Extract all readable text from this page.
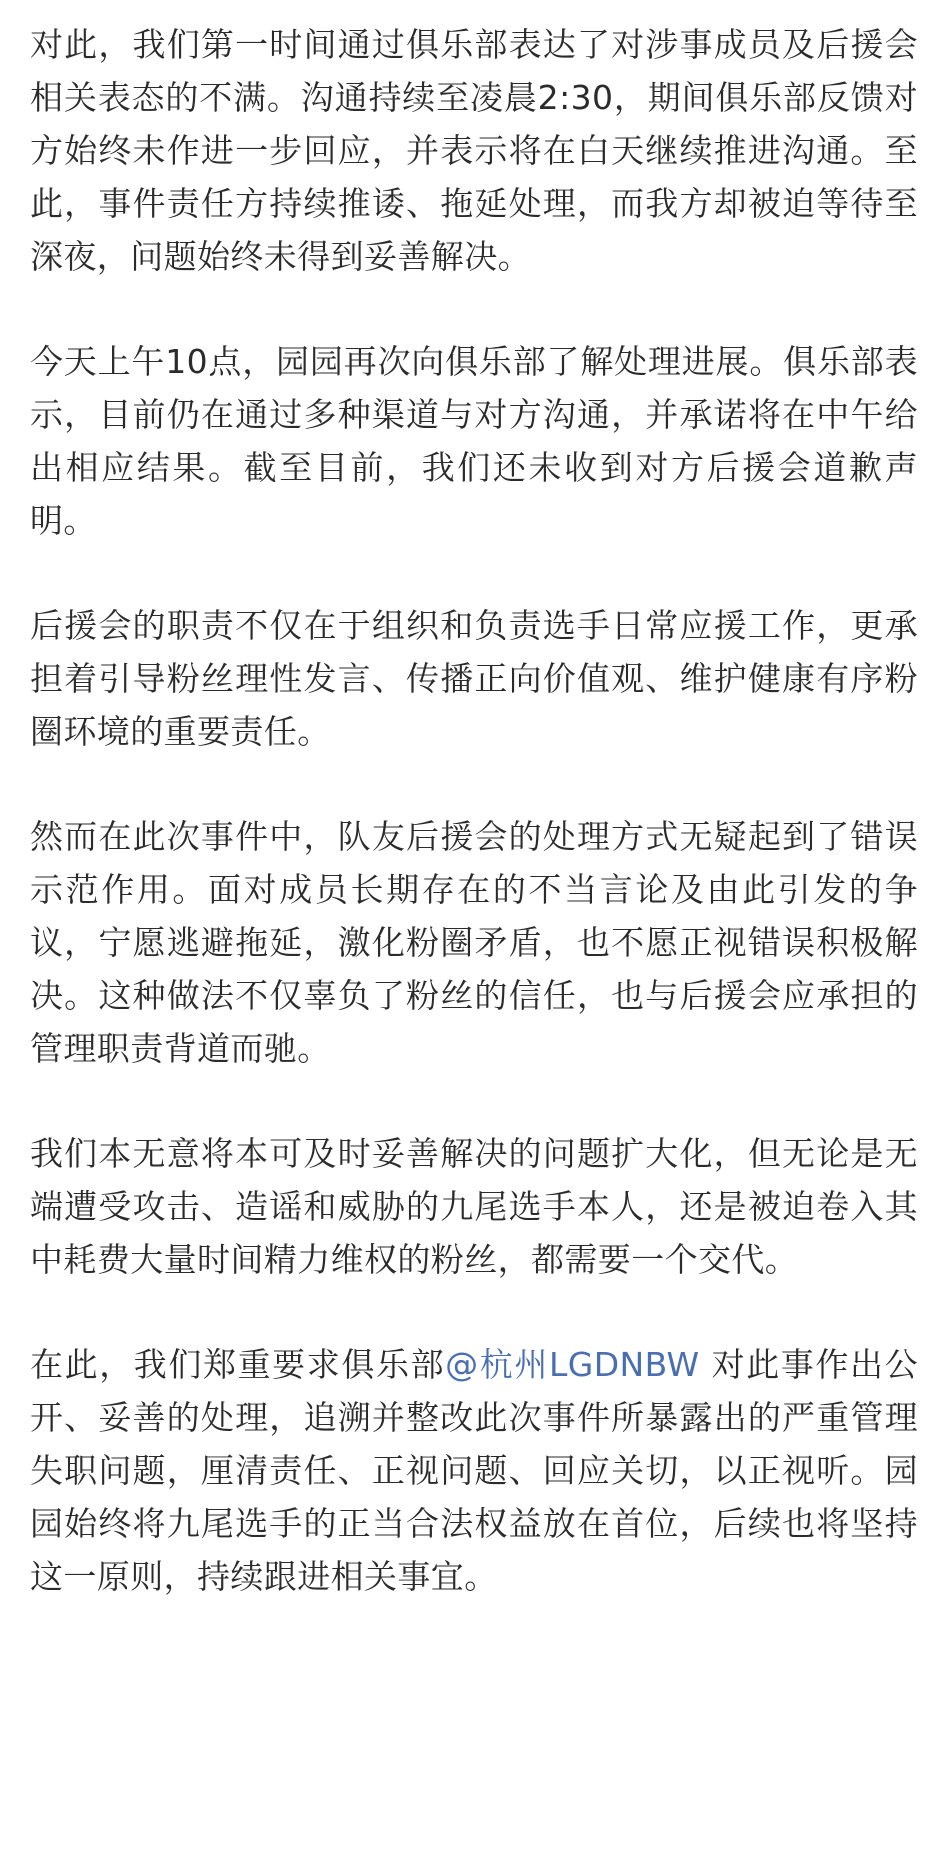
对此，我们第一时间通过俱乐部表达了对涉事成员及后援会相关表态的不满。沟通持续至凌晨2:30，期间俱乐部反馈对方始终未作进一步回应，并表示将在白天继续推进沟通。至此，事件责任方持续推诿、拖延处理，而我方却被迫等待至深夜，问题始终未得到妥善解决。

今天上午10点，园园再次向俱乐部了解处理进展。俱乐部表示，目前仍在通过多种渠道与对方沟通，并承诺将在中午给出相应结果。截至目前，我们还未收到对方后援会道歉声明。

后援会的职责不仅在于组织和负责选手日常应援工作，更承担着引导粉丝理性发言、传播正向价值观、维护健康有序粉圈环境的重要责任。

然而在此次事件中，队友后援会的处理方式无疑起到了错误示范作用。面对成员长期存在的不当言论及由此引发的争议，宁愿逃避拖延，激化粉圈矛盾，也不愿正视错误积极解决。这种做法不仅辜负了粉丝的信任，也与后援会应承担的管理职责背道而驰。

我们本无意将本可及时妥善解决的问题扩大化，但无论是无端遭受攻击、造谣和威胁的九尾选手本人，还是被迫卷入其中耗费大量时间精力维权的粉丝，都需要一个交代。

在此，我们郑重要求俱乐部@杭州LGDNBW 对此事作出公开、妥善的处理，追溯并整改此次事件所暴露出的严重管理失职问题，厘清责任、正视问题、回应关切，以正视听。园园始终将九尾选手的正当合法权益放在首位，后续也将坚持这一原则，持续跟进相关事宜。
